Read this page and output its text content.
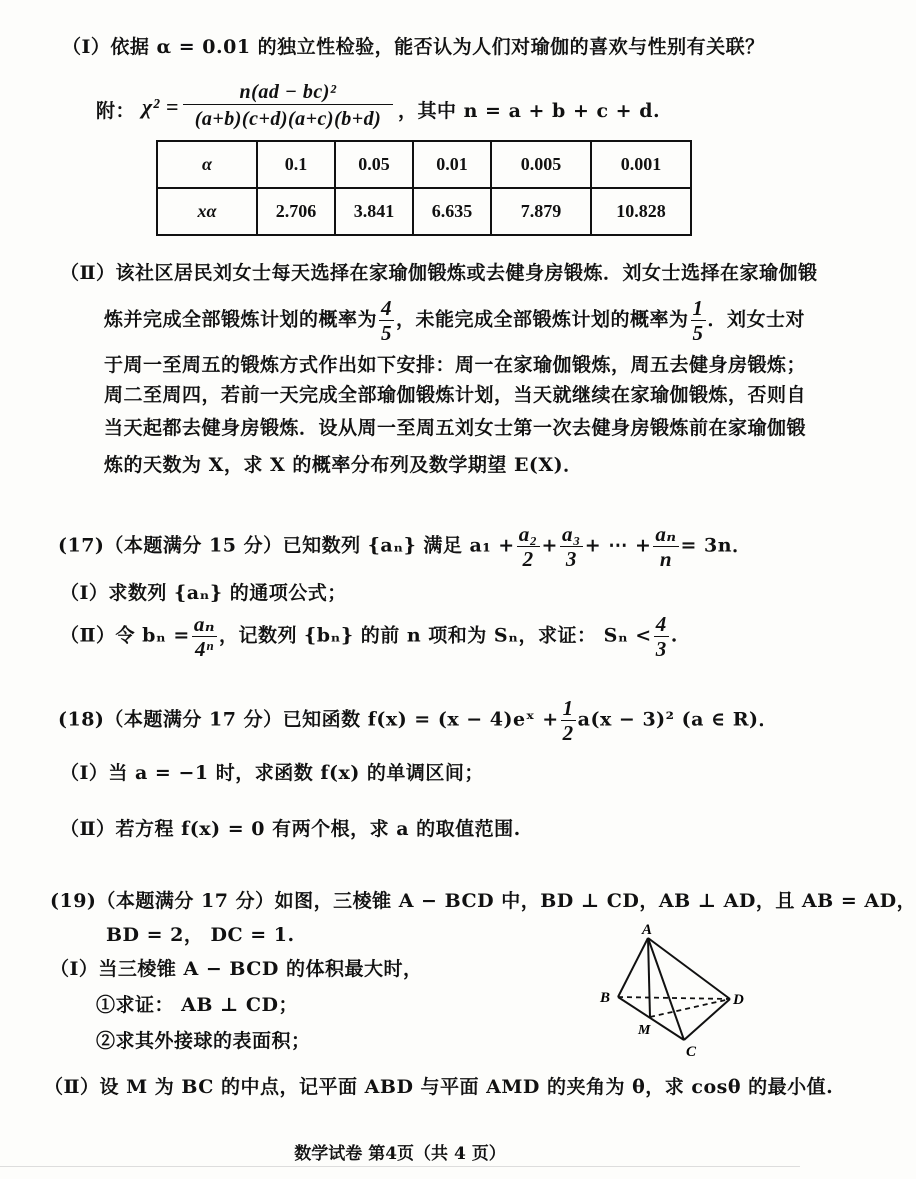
（Ⅰ）依据 α = 0.01 的独立性检验，能否认为人们对瑜伽的喜欢与性别有关联？
附： χ² =
n(ad − bc)²
(a+b)(c+d)(a+c)(b+d) ，其中 n = a + b + c + d.
α	0.1	0.05	0.01	0.005	0.001
xα	2.706	3.841	6.635	7.879	10.828
（Ⅱ）该社区居民刘女士每天选择在家瑜伽锻炼或去健身房锻炼．刘女士选择在家瑜伽锻
炼并完成全部锻炼计划的概率为 $\frac{4}{5}$ ，未能完成全部锻炼计划的概率为 $\frac{1}{5}$ ．刘女士对
于周一至周五的锻炼方式作出如下安排：周一在家瑜伽锻炼，周五去健身房锻炼；
周二至周四，若前一天完成全部瑜伽锻炼计划，当天就继续在家瑜伽锻炼，否则自
当天起都去健身房锻炼．设从周一至周五刘女士第一次去健身房锻炼前在家瑜伽锻
炼的天数为 X，求 X 的概率分布列及数学期望 E(X)．
(17)（本题满分 15 分）已知数列 {aₙ} 满足 $a_1 + \frac{\text{a₂}}{2} + \frac{\text{a₃}}{3}$ + ⋯ + $\frac{\text{aₙ}}{n} = 3n$．
（Ⅰ）求数列 {aₙ} 的通项公式；
（Ⅱ）令 $b_n = \frac{\text{aₙ}}{\text{4ⁿ}}$ ，记数列 {bₙ} 的前 n 项和为 Sₙ，求证： $S_n < \frac{4}{3}$ .
(18)（本题满分 17 分）已知函数 f(x) = (x − 4)eˣ + $\frac{1}{2} a(x - 3)^2$ (a ∈ R)．
（Ⅰ）当 a = −1 时，求函数 f(x) 的单调区间；
（Ⅱ）若方程 f(x) = 0 有两个根，求 a 的取值范围.
(19)（本题满分 17 分）如图，三棱锥 A − BCD 中，BD ⊥ CD，AB ⊥ AD，且 AB = AD，
BD = 2， DC = 1.
（Ⅰ）当三棱锥 A − BCD 的体积最大时，
①求证： AB ⊥ CD；
②求其外接球的表面积；
（Ⅱ）设 M 为 BC 的中点，记平面 ABD 与平面 AMD 的夹角为 θ，求 cosθ 的最小值.
A
B
C
D
M
数学试卷 第4页（共 4 页）
